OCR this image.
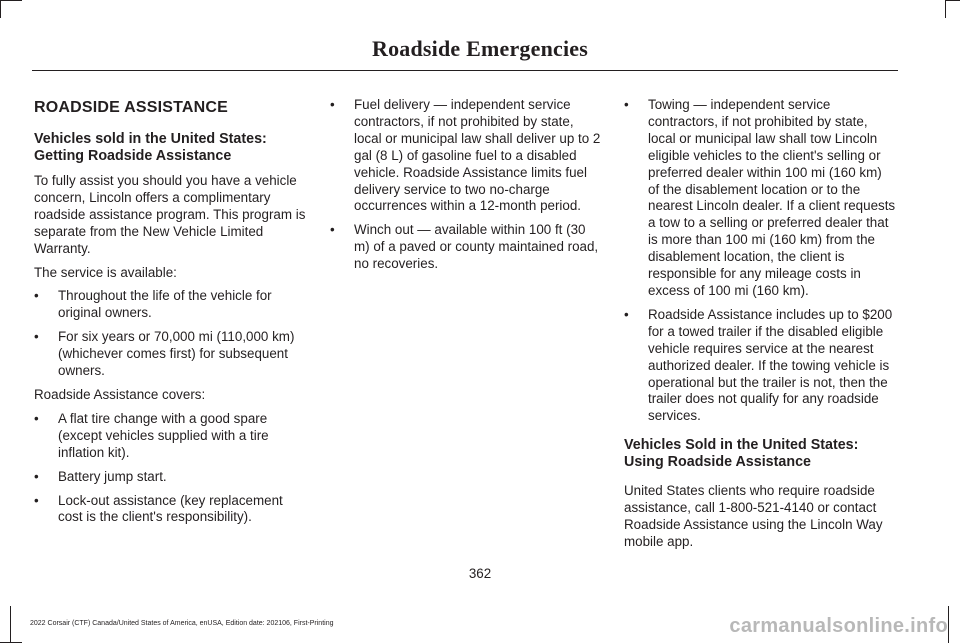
Roadside Emergencies
ROADSIDE ASSISTANCE
Vehicles sold in the United States: Getting Roadside Assistance

To fully assist you should you have a vehicle concern, Lincoln offers a complimentary roadside assistance program. This program is separate from the New Vehicle Limited Warranty.

The service is available:

•	Throughout the life of the vehicle for original owners.
•	For six years or 70,000 mi (110,000 km) (whichever comes first) for subsequent owners.

Roadside Assistance covers:

•	A flat tire change with a good spare (except vehicles supplied with a tire inflation kit).
•	Battery jump start.
•	Lock-out assistance (key replacement cost is the client's responsibility).
•	Fuel delivery — independent service contractors, if not prohibited by state, local or municipal law shall deliver up to 2 gal (8 L) of gasoline fuel to a disabled vehicle. Roadside Assistance limits fuel delivery service to two no-charge occurrences within a 12-month period.
•	Winch out — available within 100 ft (30 m) of a paved or county maintained road, no recoveries.
•	Towing — independent service contractors, if not prohibited by state, local or municipal law shall tow Lincoln eligible vehicles to the client's selling or preferred dealer within 100 mi (160 km) of the disablement location or to the nearest Lincoln dealer. If a client requests a tow to a selling or preferred dealer that is more than 100 mi (160 km) from the disablement location, the client is responsible for any mileage costs in excess of 100 mi (160 km).
•	Roadside Assistance includes up to $200 for a towed trailer if the disabled eligible vehicle requires service at the nearest authorized dealer. If the towing vehicle is operational but the trailer is not, then the trailer does not qualify for any roadside services.
Vehicles Sold in the United States: Using Roadside Assistance

United States clients who require roadside assistance, call 1-800-521-4140 or contact Roadside Assistance using the Lincoln Way mobile app.

362
2022 Corsair (CTF) Canada/United States of America, enUSA, Edition date: 202106, First-Printing	carmanualsonline.info
